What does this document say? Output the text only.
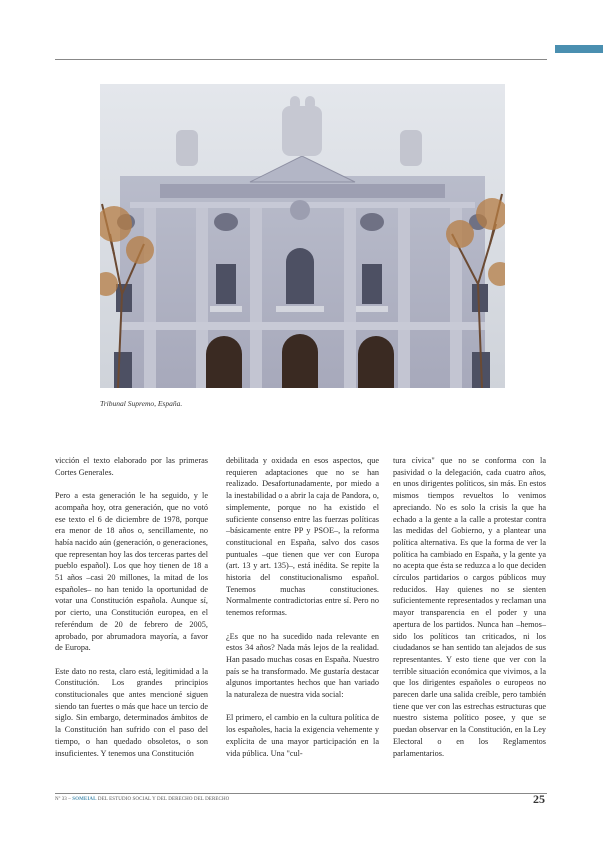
Tribunal Supremo, España.

vicción el texto elaborado por las primeras Cortes Generales.

Pero a esta generación le ha seguido, y le acompaña hoy, otra generación, que no votó ese texto el 6 de diciembre de 1978, porque era menor de 18 años o, sencillamente, no había nacido aún (generación, o generaciones, que representan hoy las dos terceras partes del pueblo español). Los que hoy tienen de 18 a 51 años –casi 20 millones, la mitad de los españoles– no han tenido la oportunidad de votar una Constitución española. Aunque sí, por cierto, una Constitución europea, en el referéndum de 20 de febrero de 2005, aprobado, por abrumadora mayoría, a favor de Europa.

Este dato no resta, claro está, legitimidad a la Constitución. Los grandes principios constitucionales que antes mencioné siguen siendo tan fuertes o más que hace un tercio de siglo. Sin embargo, determinados ámbitos de la Constitución han sufrido con el paso del tiempo, o han quedado obsoletos, o son insuficientes. Y tenemos una Constitución

debilitada y oxidada en esos aspectos, que requieren adaptaciones que no se han realizado. Desafortunadamente, por miedo a la inestabilidad o a abrir la caja de Pandora, o, simplemente, porque no ha existido el suficiente consenso entre las fuerzas políticas –básicamente entre PP y PSOE–, la reforma constitucional en España, salvo dos casos puntuales –que tienen que ver con Europa (art. 13 y art. 135)–, está inédita. Se repite la historia del constitucionalismo español. Tenemos muchas constituciones. Normalmente contradictorias entre sí. Pero no tenemos reformas.

¿Es que no ha sucedido nada relevante en estos 34 años? Nada más lejos de la realidad. Han pasado muchas cosas en España. Nuestro país se ha transformado. Me gustaría destacar algunos importantes hechos que han variado la naturaleza de nuestra vida social:

El primero, el cambio en la cultura política de los españoles, hacia la exigencia vehemente y explícita de una mayor participación en la vida pública. Una "cul-

tura cívica" que no se conforma con la pasividad o la delegación, cada cuatro años, en unos dirigentes políticos, sin más. En estos mismos tiempos revueltos lo venimos apreciando. No es solo la crisis la que ha echado a la gente a la calle a protestar contra las medidas del Gobierno, y a plantear una política alternativa. Es que la forma de ver la política ha cambiado en España, y la gente ya no acepta que ésta se reduzca a lo que deciden círculos partidarios o cargos públicos muy reducidos. Hay quienes no se sienten suficientemente representados y reclaman una mayor transparencia en el poder y una apertura de los partidos. Nunca han –hemos– sido los políticos tan criticados, ni los ciudadanos se han sentido tan alejados de sus representantes. Y esto tiene que ver con la terrible situación económica que vivimos, a la que los dirigentes españoles o europeos no parecen darle una salida creíble, pero también tiene que ver con las estrechas estructuras que nuestro sistema político posee, y que se puedan observar en la Constitución, en la Ley Electoral o en los Reglamentos parlamentarios.

Nº 33 – SOMEIAL DEL ESTUDIO SOCIAL Y DEL DERECHO DEL DERECHO	25
